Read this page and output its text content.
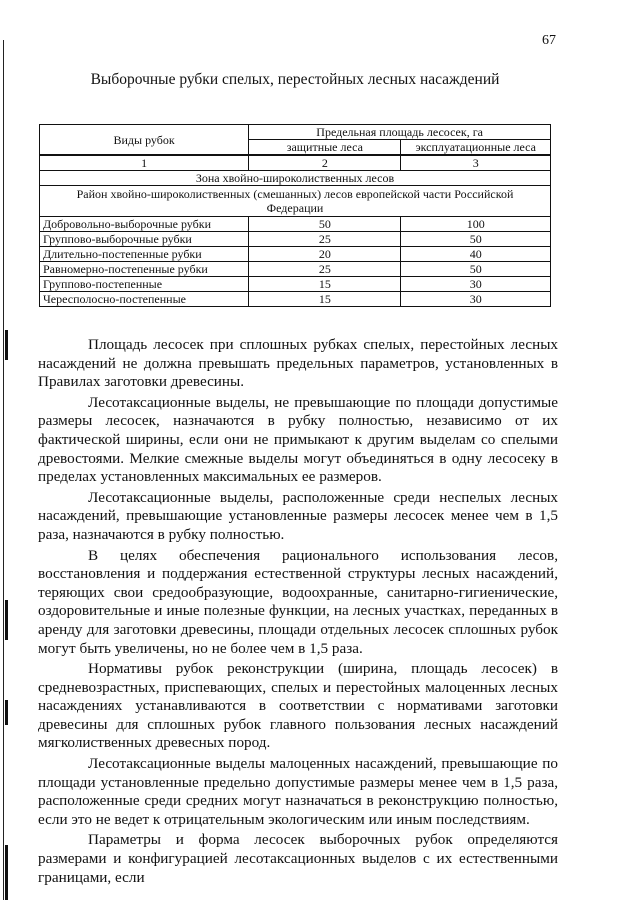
67
Выборочные рубки спелых, перестойных лесных насаждений
Виды рубок	Предельная площадь лесосек, га	
	защитные леса	эксплуатационные леса
1	2	3
Зона хвойно-широколиственных лесов		
Район хвойно-широколиственных (смешанных) лесов европейской части Российской Федерации		
Добровольно-выборочные рубки	50	100
Группово-выборочные рубки	25	50
Длительно-постепенные рубки	20	40
Равномерно-постепенные рубки	25	50
Группово-постепенные	15	30
Чересполосно-постепенные	15	30

Площадь лесосек при сплошных рубках спелых, перестойных лесных насаждений не должна превышать предельных параметров, установленных в Правилах заготовки древесины.

Лесотаксационные выделы, не превышающие по площади допустимые размеры лесосек, назначаются в рубку полностью, независимо от их фактической ширины, если они не примыкают к другим выделам со спелыми древостоями. Мелкие смежные выделы могут объединяться в одну лесосеку в пределах установленных максимальных ее размеров.

Лесотаксационные выделы, расположенные среди неспелых лесных насаждений, превышающие установленные размеры лесосек менее чем в 1,5 раза, назначаются в рубку полностью.

В целях обеспечения рационального использования лесов, восстановления и поддержания естественной структуры лесных насаждений, теряющих свои средообразующие, водоохранные, санитарно-гигиенические, оздоровительные и иные полезные функции, на лесных участках, переданных в аренду для заготовки древесины, площади отдельных лесосек сплошных рубок могут быть увеличены, но не более чем в 1,5 раза.

Нормативы рубок реконструкции (ширина, площадь лесосек) в средневозрастных, приспевающих, спелых и перестойных малоценных лесных насаждениях устанавливаются в соответствии с нормативами заготовки древесины для сплошных рубок главного пользования лесных насаждений мягколиственных древесных пород.

Лесотаксационные выделы малоценных насаждений, превышающие по площади установленные предельно допустимые размеры менее чем в 1,5 раза, расположенные среди средних могут назначаться в реконструкцию полностью, если это не ведет к отрицательным экологическим или иным последствиям.

Параметры и форма лесосек выборочных рубок определяются размерами и конфигурацией лесотаксационных выделов с их естественными границами, если
